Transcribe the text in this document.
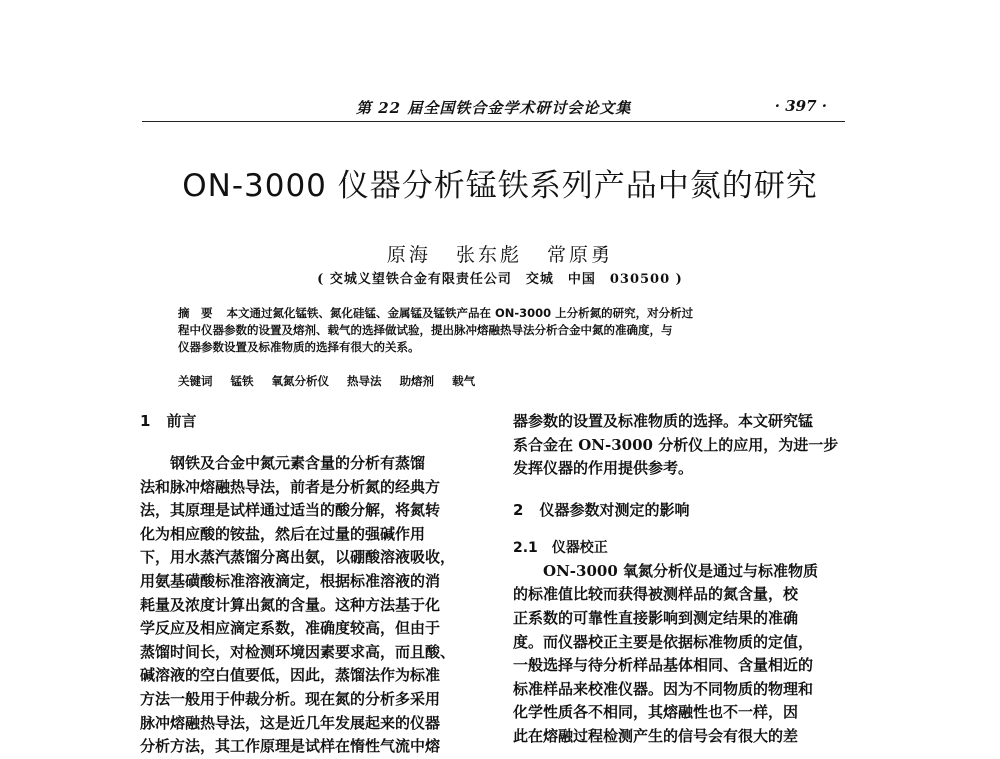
第 22 届全国铁合金学术研讨会论文集	· 397 ·
ON-3000 仪器分析锰铁系列产品中氮的研究
原海 张东彪 常原勇
( 交城义望铁合金有限责任公司　交城　中国　030500 )
摘　要 本文通过氮化锰铁、氮化硅锰、金属锰及锰铁产品在 ON-3000 上分析氮的研究，对分析过
程中仪器参数的设置及熔剂、载气的选择做试验，提出脉冲熔融热导法分析合金中氮的准确度，与
仪器参数设置及标准物质的选择有很大的关系。
关键词 锰铁 氧氮分析仪 热导法 助熔剂 载气
1 前言
钢铁及合金中氮元素含量的分析有蒸馏
法和脉冲熔融热导法，前者是分析氮的经典方
法，其原理是试样通过适当的酸分解，将氮转
化为相应酸的铵盐，然后在过量的强碱作用
下，用水蒸汽蒸馏分离出氨，以硼酸溶液吸收，
用氨基磺酸标准溶液滴定，根据标准溶液的消
耗量及浓度计算出氮的含量。这种方法基于化
学反应及相应滴定系数，准确度较高，但由于
蒸馏时间长，对检测环境因素要求高，而且酸、
碱溶液的空白值要低，因此，蒸馏法作为标准
方法一般用于仲裁分析。现在氮的分析多采用
脉冲熔融热导法，这是近几年发展起来的仪器
分析方法，其工作原理是试样在惰性气流中熔
器参数的设置及标准物质的选择。本文研究锰
系合金在 ON-3000 分析仪上的应用，为进一步
发挥仪器的作用提供参考。
2 仪器参数对测定的影响
2.1 仪器校正
ON-3000 氧氮分析仪是通过与标准物质
的标准值比较而获得被测样品的氮含量，校
正系数的可靠性直接影响到测定结果的准确
度。而仪器校正主要是依据标准物质的定值，
一般选择与待分析样品基体相同、含量相近的
标准样品来校准仪器。因为不同物质的物理和
化学性质各不相同，其熔融性也不一样，因
此在熔融过程检测产生的信号会有很大的差
